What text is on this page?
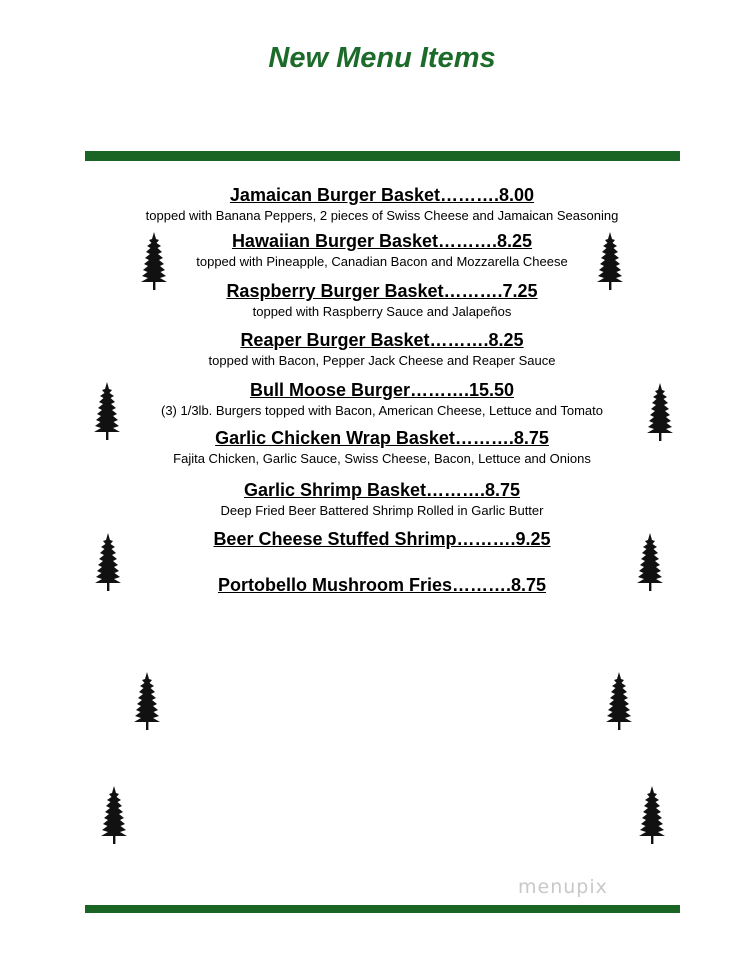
New Menu Items
Jamaican Burger Basket……….8.00
topped with Banana Peppers, 2 pieces of Swiss Cheese and Jamaican Seasoning
Hawaiian Burger Basket……….8.25
topped with Pineapple, Canadian Bacon and Mozzarella Cheese
Raspberry Burger Basket……….7.25
topped with Raspberry Sauce and Jalapeños
Reaper Burger Basket……….8.25
topped with Bacon, Pepper Jack Cheese and Reaper Sauce
Bull Moose Burger……….15.50
(3) 1/3lb. Burgers topped with Bacon, American Cheese, Lettuce and Tomato
Garlic Chicken Wrap Basket……….8.75
Fajita Chicken, Garlic Sauce, Swiss Cheese, Bacon, Lettuce and Onions
Garlic Shrimp Basket……….8.75
Deep Fried Beer Battered Shrimp Rolled in Garlic Butter
Beer Cheese Stuffed Shrimp……….9.25
Portobello Mushroom Fries……….8.75
menupix
